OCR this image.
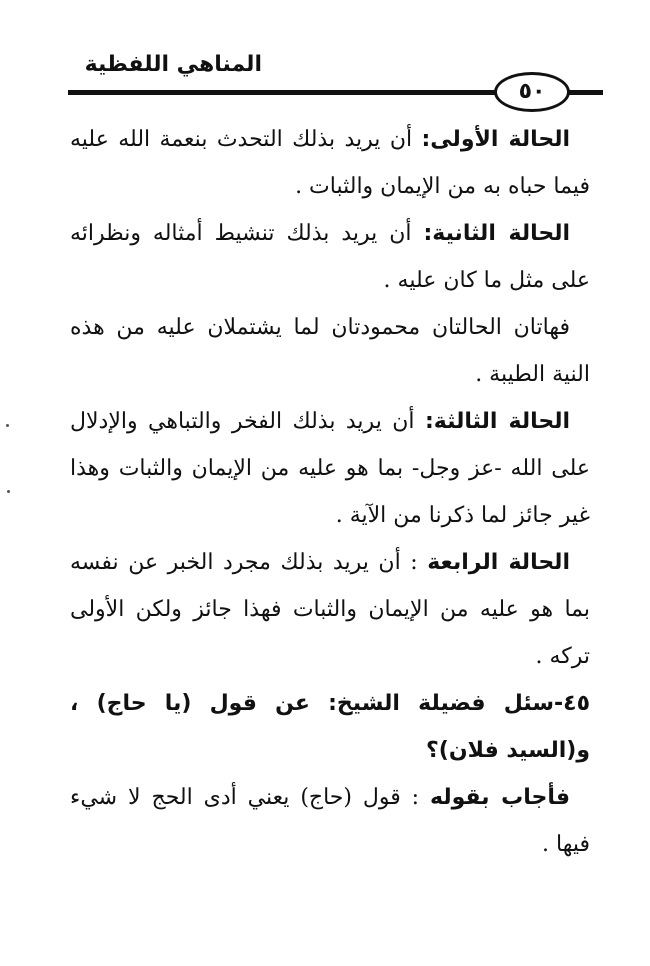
المناهي اللفظية
٥٠

الحالة الأولى: أن يريد بذلك التحدث بنعمة الله عليه فيما حباه به من الإيمان والثبات .

الحالة الثانية: أن يريد بذلك تنشيط أمثاله ونظرائه على مثل ما كان عليه .

فهاتان الحالتان محمودتان لما يشتملان عليه من هذه النية الطيبة .

الحالة الثالثة: أن يريد بذلك الفخر والتباهي والإدلال على الله -عز وجل- بما هو عليه من الإيمان والثبات وهذا غير جائز لما ذكرنا من الآية .

الحالة الرابعة : أن يريد بذلك مجرد الخبر عن نفسه بما هو عليه من الإيمان والثبات فهذا جائز ولكن الأولى تركه .

٤٥-سئل فضيلة الشيخ: عن قول (يا حاج) ، و(السيد فلان)؟

فأجاب بقوله : قول (حاج) يعني أدى الحج لا شيء فيها .
